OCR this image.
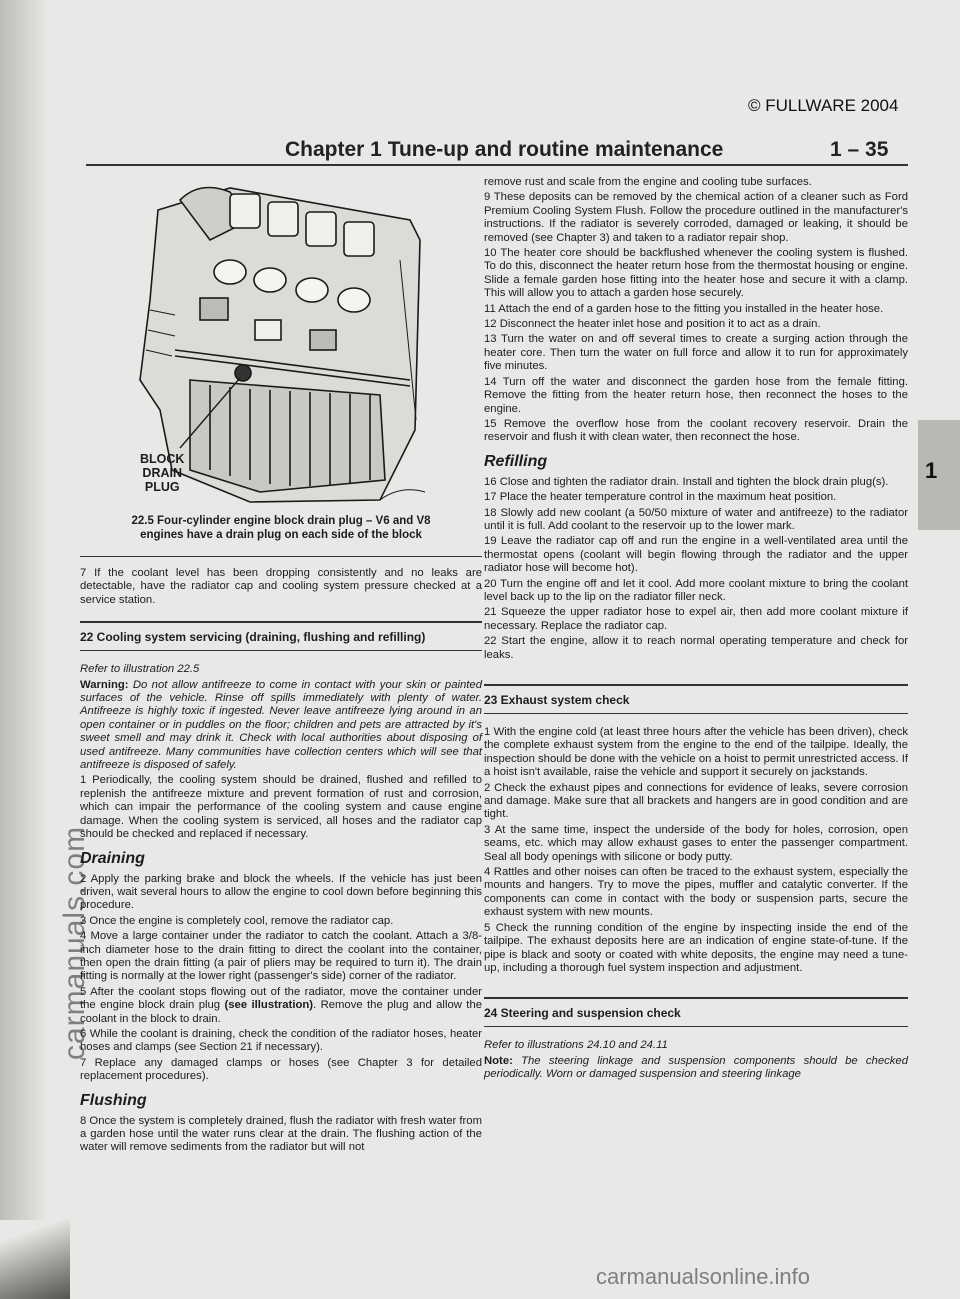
1
© FULLWARE 2004
Chapter 1 Tune-up and routine maintenance	1 – 35
BLOCK
DRAIN
PLUG
22.5 Four-cylinder engine block drain plug – V6 and V8
engines have a drain plug on each side of the block

7 If the coolant level has been dropping consistently and no leaks are detectable, have the radiator cap and cooling system pressure checked at a service station.

22 Cooling system servicing (draining, flushing and refilling)

Refer to illustration 22.5

Warning: Do not allow antifreeze to come in contact with your skin or painted surfaces of the vehicle. Rinse off spills immediately with plenty of water. Antifreeze is highly toxic if ingested. Never leave antifreeze lying around in an open container or in puddles on the floor; children and pets are attracted by it's sweet smell and may drink it. Check with local authorities about disposing of used antifreeze. Many communities have collection centers which will see that antifreeze is disposed of safely.

1 Periodically, the cooling system should be drained, flushed and refilled to replenish the antifreeze mixture and prevent formation of rust and corrosion, which can impair the performance of the cooling system and cause engine damage. When the cooling system is serviced, all hoses and the radiator cap should be checked and replaced if necessary.

Draining

2 Apply the parking brake and block the wheels. If the vehicle has just been driven, wait several hours to allow the engine to cool down before beginning this procedure.

3 Once the engine is completely cool, remove the radiator cap.

4 Move a large container under the radiator to catch the coolant. Attach a 3/8-inch diameter hose to the drain fitting to direct the coolant into the container, then open the drain fitting (a pair of pliers may be required to turn it). The drain fitting is normally at the lower right (passenger's side) corner of the radiator.

5 After the coolant stops flowing out of the radiator, move the container under the engine block drain plug (see illustration). Remove the plug and allow the coolant in the block to drain.

6 While the coolant is draining, check the condition of the radiator hoses, heater hoses and clamps (see Section 21 if necessary).

7 Replace any damaged clamps or hoses (see Chapter 3 for detailed replacement procedures).

Flushing

8 Once the system is completely drained, flush the radiator with fresh water from a garden hose until the water runs clear at the drain. The flushing action of the water will remove sediments from the radiator but will not

remove rust and scale from the engine and cooling tube surfaces.

9 These deposits can be removed by the chemical action of a cleaner such as Ford Premium Cooling System Flush. Follow the procedure outlined in the manufacturer's instructions. If the radiator is severely corroded, damaged or leaking, it should be removed (see Chapter 3) and taken to a radiator repair shop.

10 The heater core should be backflushed whenever the cooling system is flushed. To do this, disconnect the heater return hose from the thermostat housing or engine. Slide a female garden hose fitting into the heater hose and secure it with a clamp. This will allow you to attach a garden hose securely.

11 Attach the end of a garden hose to the fitting you installed in the heater hose.

12 Disconnect the heater inlet hose and position it to act as a drain.

13 Turn the water on and off several times to create a surging action through the heater core. Then turn the water on full force and allow it to run for approximately five minutes.

14 Turn off the water and disconnect the garden hose from the female fitting. Remove the fitting from the heater return hose, then reconnect the hoses to the engine.

15 Remove the overflow hose from the coolant recovery reservoir. Drain the reservoir and flush it with clean water, then reconnect the hose.

Refilling

16 Close and tighten the radiator drain. Install and tighten the block drain plug(s).

17 Place the heater temperature control in the maximum heat position.

18 Slowly add new coolant (a 50/50 mixture of water and antifreeze) to the radiator until it is full. Add coolant to the reservoir up to the lower mark.

19 Leave the radiator cap off and run the engine in a well-ventilated area until the thermostat opens (coolant will begin flowing through the radiator and the upper radiator hose will become hot).

20 Turn the engine off and let it cool. Add more coolant mixture to bring the coolant level back up to the lip on the radiator filler neck.

21 Squeeze the upper radiator hose to expel air, then add more coolant mixture if necessary. Replace the radiator cap.

22 Start the engine, allow it to reach normal operating temperature and check for leaks.

23 Exhaust system check

1 With the engine cold (at least three hours after the vehicle has been driven), check the complete exhaust system from the engine to the end of the tailpipe. Ideally, the inspection should be done with the vehicle on a hoist to permit unrestricted access. If a hoist isn't available, raise the vehicle and support it securely on jackstands.

2 Check the exhaust pipes and connections for evidence of leaks, severe corrosion and damage. Make sure that all brackets and hangers are in good condition and are tight.

3 At the same time, inspect the underside of the body for holes, corrosion, open seams, etc. which may allow exhaust gases to enter the passenger compartment. Seal all body openings with silicone or body putty.

4 Rattles and other noises can often be traced to the exhaust system, especially the mounts and hangers. Try to move the pipes, muffler and catalytic converter. If the components can come in contact with the body or suspension parts, secure the exhaust system with new mounts.

5 Check the running condition of the engine by inspecting inside the end of the tailpipe. The exhaust deposits here are an indication of engine state-of-tune. If the pipe is black and sooty or coated with white deposits, the engine may need a tune-up, including a thorough fuel system inspection and adjustment.

24 Steering and suspension check

Refer to illustrations 24.10 and 24.11

Note: The steering linkage and suspension components should be checked periodically. Worn or damaged suspension and steering linkage

carmanuals.com
carmanualsonline.info
